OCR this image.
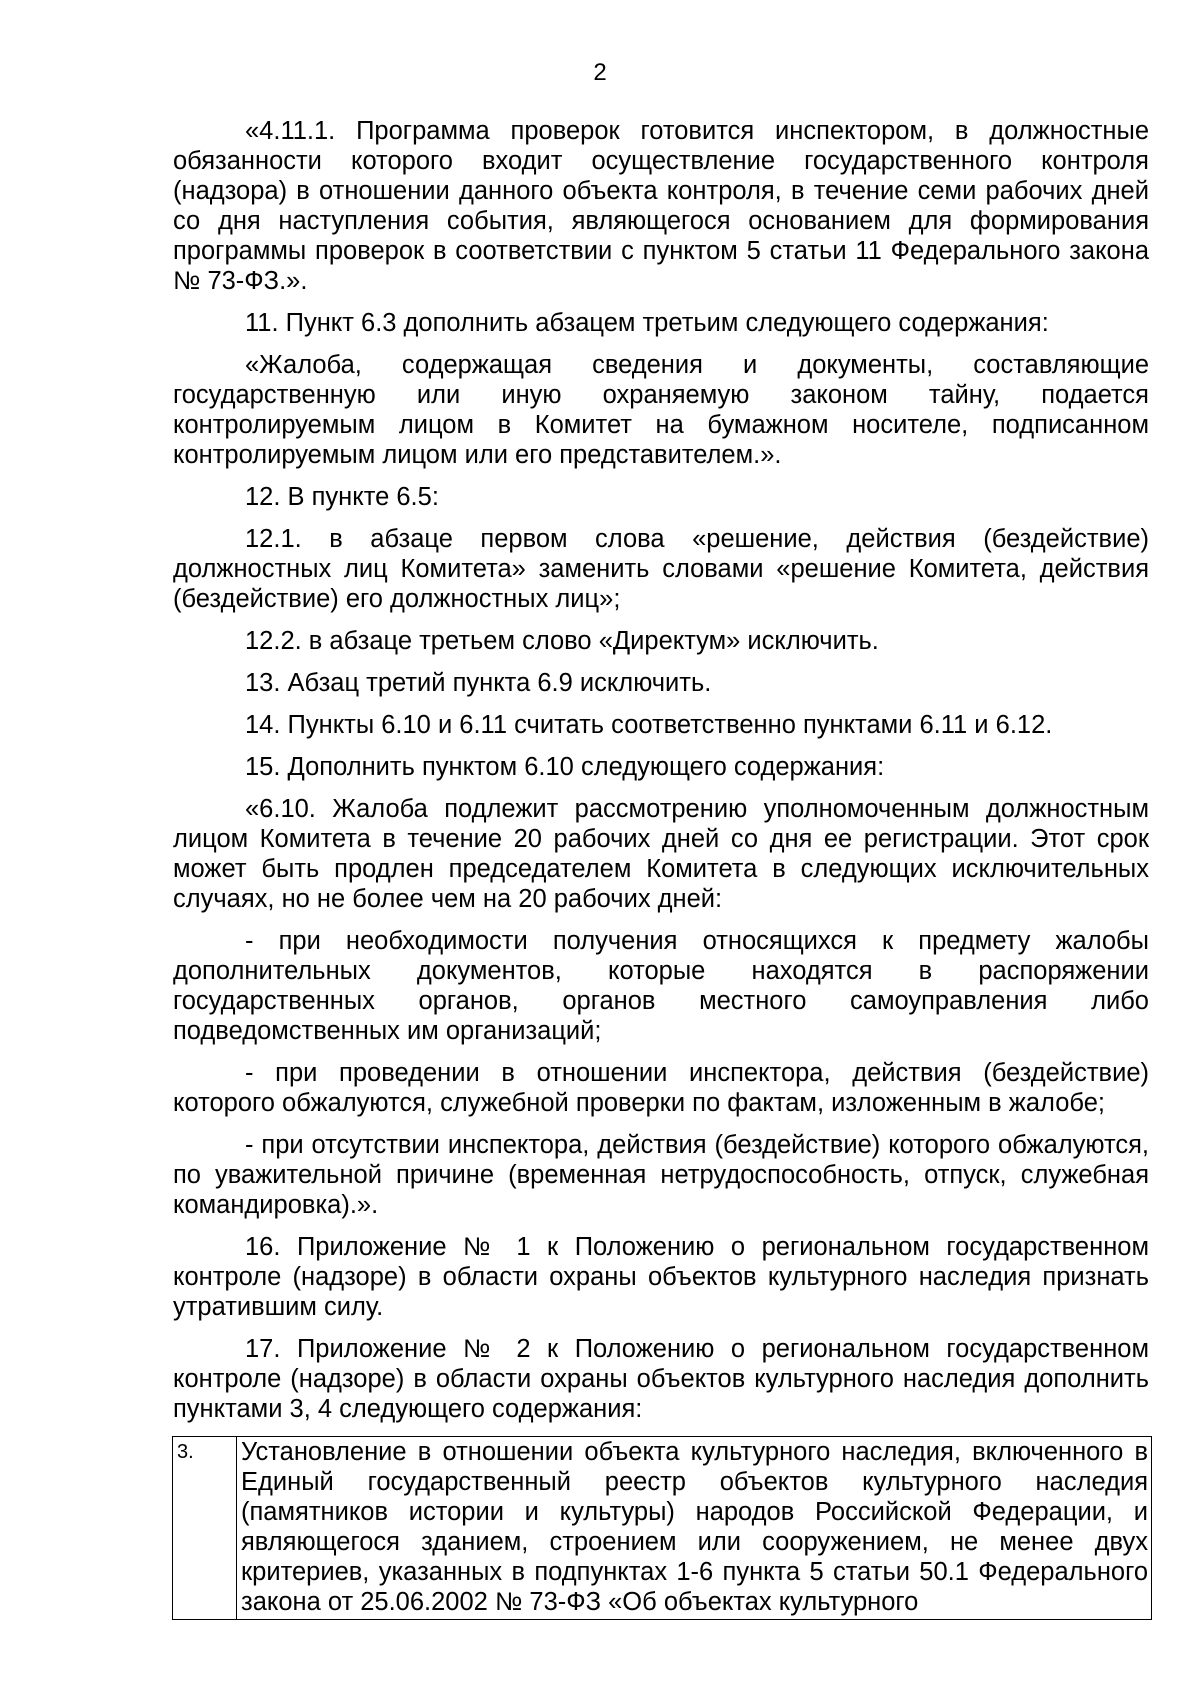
2

«4.11.1. Программа проверок готовится инспектором, в должностные обязанности которого входит осуществление государственного контроля (надзора) в отношении данного объекта контроля, в течение семи рабочих дней со дня наступления события, являющегося основанием для формирования программы проверок в соответствии с пунктом 5 статьи 11 Федерального закона № 73-ФЗ.».

11. Пункт 6.3 дополнить абзацем третьим следующего содержания:

«Жалоба, содержащая сведения и документы, составляющие государственную или иную охраняемую законом тайну, подается контролируемым лицом в Комитет на бумажном носителе, подписанном контролируемым лицом или его представителем.».

12. В пункте 6.5:

12.1. в абзаце первом слова «решение, действия (бездействие) должностных лиц Комитета» заменить словами «решение Комитета, действия (бездействие) его должностных лиц»;

12.2. в абзаце третьем слово «Директум» исключить.

13. Абзац третий пункта 6.9 исключить.

14. Пункты 6.10 и 6.11 считать соответственно пунктами 6.11 и 6.12.

15. Дополнить пунктом 6.10 следующего содержания:

«6.10. Жалоба подлежит рассмотрению уполномоченным должностным лицом Комитета в течение 20 рабочих дней со дня ее регистрации. Этот срок может быть продлен председателем Комитета в следующих исключительных случаях, но не более чем на 20 рабочих дней:

- при необходимости получения относящихся к предмету жалобы дополнительных документов, которые находятся в распоряжении государственных органов, органов местного самоуправления либо подведомственных им организаций;

- при проведении в отношении инспектора, действия (бездействие) которого обжалуются, служебной проверки по фактам, изложенным в жалобе;

- при отсутствии инспектора, действия (бездействие) которого обжалуются, по уважительной причине (временная нетрудоспособность, отпуск, служебная командировка).».

16. Приложение № 1 к Положению о региональном государственном контроле (надзоре) в области охраны объектов культурного наследия признать утратившим силу.

17. Приложение № 2 к Положению о региональном государственном контроле (надзоре) в области охраны объектов культурного наследия дополнить пунктами 3, 4 следующего содержания:

3.	Установление в отношении объекта культурного наследия, включенного в Единый государственный реестр объектов культурного наследия (памятников истории и культуры) народов Российской Федерации, и являющегося зданием, строением или сооружением, не менее двух критериев, указанных в подпунктах 1-6 пункта 5 статьи 50.1 Федерального закона от 25.06.2002 № 73-ФЗ «Об объектах культурного
